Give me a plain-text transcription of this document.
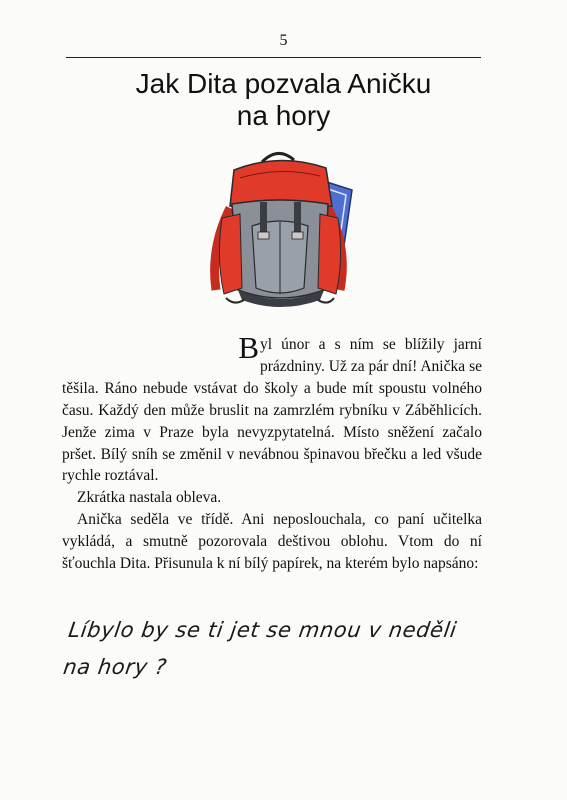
5
Jak Dita pozvala Aničku
na hory

Byl únor a s ním se blížily jarní prázdniny. Už za pár dní! Anička se těšila. Ráno nebude vstávat do školy a bude mít spoustu volného času. Každý den může bruslit na zamrzlém rybníku v Záběhlicích. Jenže zima v Praze byla nevyzpytatelná. Místo sněžení začalo pršet. Bílý sníh se změnil v nevábnou špinavou břečku a led všude rychle roztával.

Zkrátka nastala obleva.

Anička seděla ve třídě. Ani neposlouchala, co paní učitelka vykládá, a smutně pozorovala deštivou oblohu. Vtom do ní šťouchla Dita. Přisunula k ní bílý papírek, na kterém bylo napsáno:

Líbylo by se ti jet se mnou v neděli
na hory ?
